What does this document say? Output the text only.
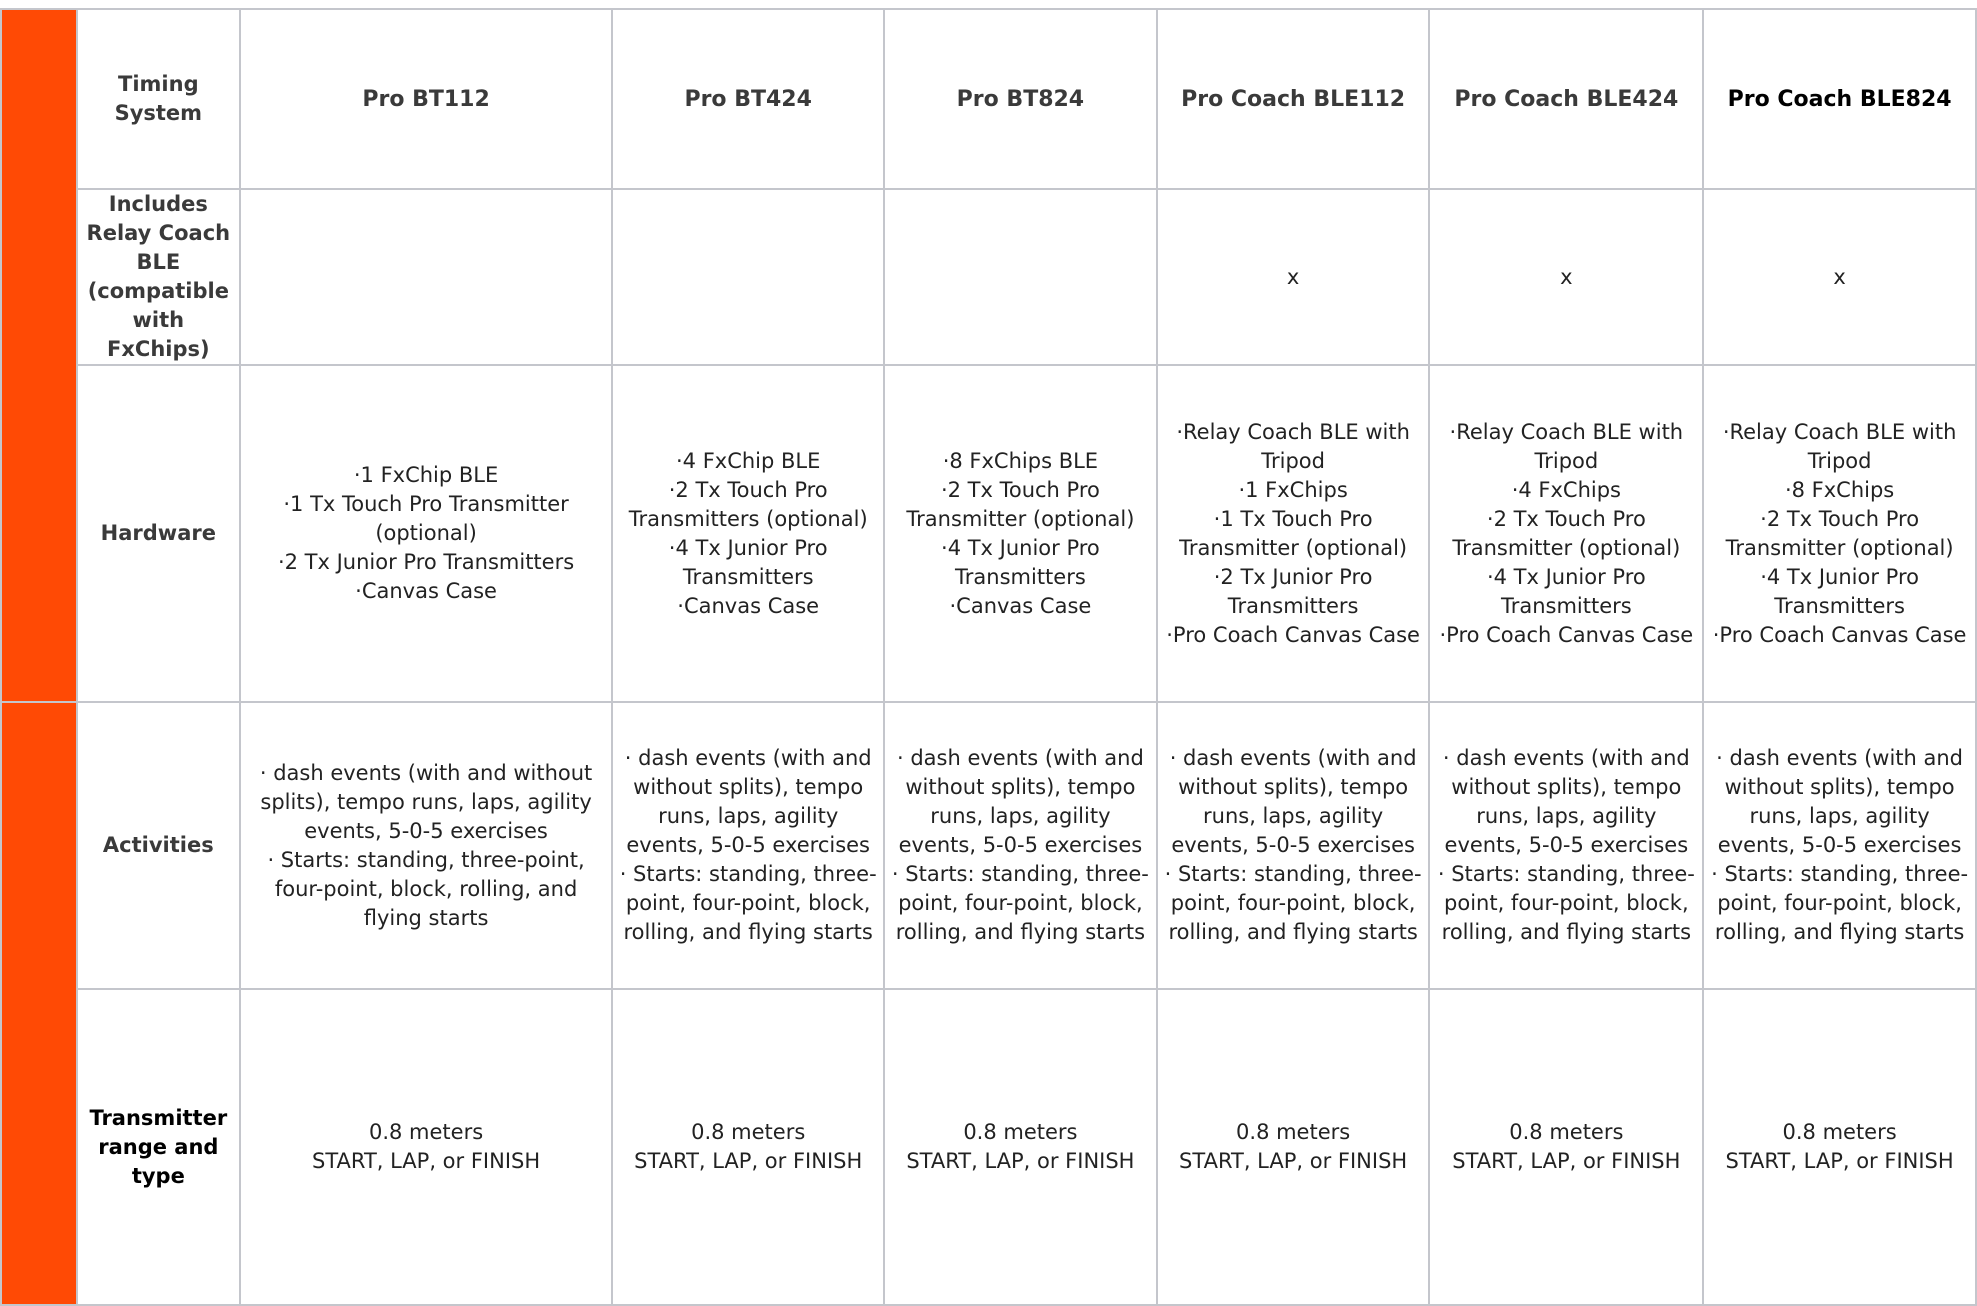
	Timing System	Pro BT112	Pro BT424	Pro BT824	Pro Coach BLE112	Pro Coach BLE424	Pro Coach BLE824
	Includes Relay Coach BLE (compatible with FxChips)				x	x	x

	Hardware	·1 FxChip BLE
·1 Tx Touch Pro Transmitter (optional)
·2 Tx Junior Pro Transmitters
·Canvas Case	·4 FxChip BLE
·2 Tx Touch Pro Transmitters (optional)
·4 Tx Junior Pro Transmitters
·Canvas Case	·8 FxChips BLE
·2 Tx Touch Pro Transmitter (optional)
·4 Tx Junior Pro Transmitters
·Canvas Case	·Relay Coach BLE with Tripod
·1 FxChips
·1 Tx Touch Pro Transmitter (optional)
·2 Tx Junior Pro Transmitters
·Pro Coach Canvas Case	·Relay Coach BLE with Tripod
·4 FxChips
·2 Tx Touch Pro Transmitter (optional)
·4 Tx Junior Pro Transmitters
·Pro Coach Canvas Case	·Relay Coach BLE with Tripod
·8 FxChips
·2 Tx Touch Pro Transmitter (optional)
·4 Tx Junior Pro Transmitters
·Pro Coach Canvas Case

	Activities	· dash events (with and without splits), tempo runs, laps, agility events, 5-0-5 exercises
· Starts: standing, three-point, four-point, block, rolling, and flying starts	· dash events (with and without splits), tempo runs, laps, agility events, 5-0-5 exercises
· Starts: standing, three-point, four-point, block, rolling, and flying starts	· dash events (with and without splits), tempo runs, laps, agility events, 5-0-5 exercises
· Starts: standing, three-point, four-point, block, rolling, and flying starts	· dash events (with and without splits), tempo runs, laps, agility events, 5-0-5 exercises
· Starts: standing, three-point, four-point, block, rolling, and flying starts	· dash events (with and without splits), tempo runs, laps, agility events, 5-0-5 exercises
· Starts: standing, three-point, four-point, block, rolling, and flying starts	· dash events (with and without splits), tempo runs, laps, agility events, 5-0-5 exercises
· Starts: standing, three-point, four-point, block, rolling, and flying starts

	Transmitter range and type	0.8 meters
START, LAP, or FINISH	0.8 meters
START, LAP, or FINISH	0.8 meters
START, LAP, or FINISH	0.8 meters
START, LAP, or FINISH	0.8 meters
START, LAP, or FINISH	0.8 meters
START, LAP, or FINISH
